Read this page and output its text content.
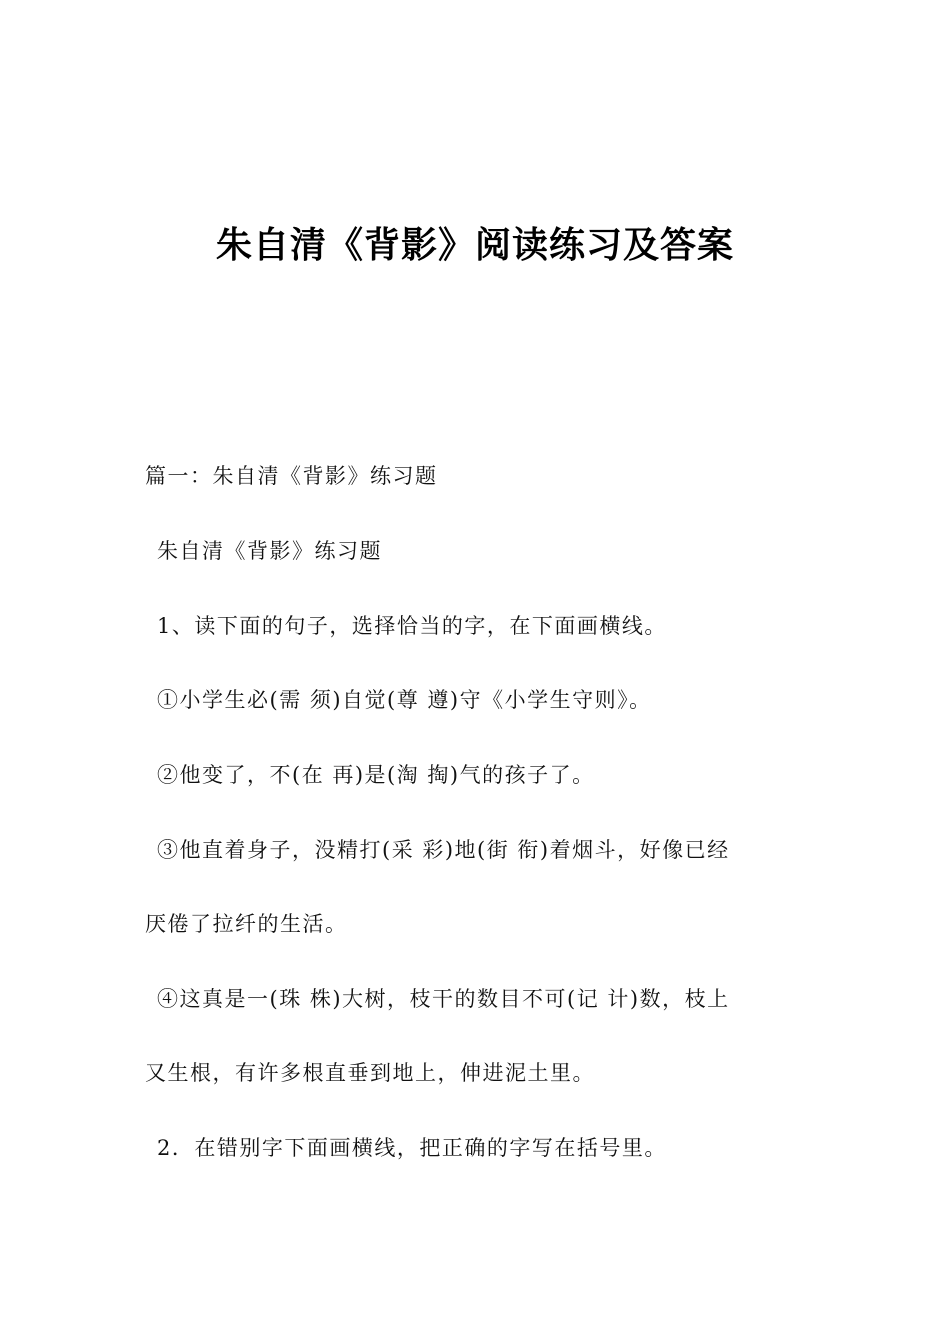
朱自清《背影》阅读练习及答案
篇一：朱自清《背影》练习题
朱自清《背影》练习题
1、读下面的句子，选择恰当的字，在下面画横线。
①小学生必(需 须)自觉(尊 遵)守《小学生守则》。
②他变了，不(在 再)是(淘 掏)气的孩子了。
③他直着身子，没精打(采 彩)地(街 衔)着烟斗，好像已经
厌倦了拉纤的生活。
④这真是一(珠 株)大树，枝干的数目不可(记 计)数，枝上
又生根，有许多根直垂到地上，伸进泥土里。
2．在错别字下面画横线，把正确的字写在括号里。
